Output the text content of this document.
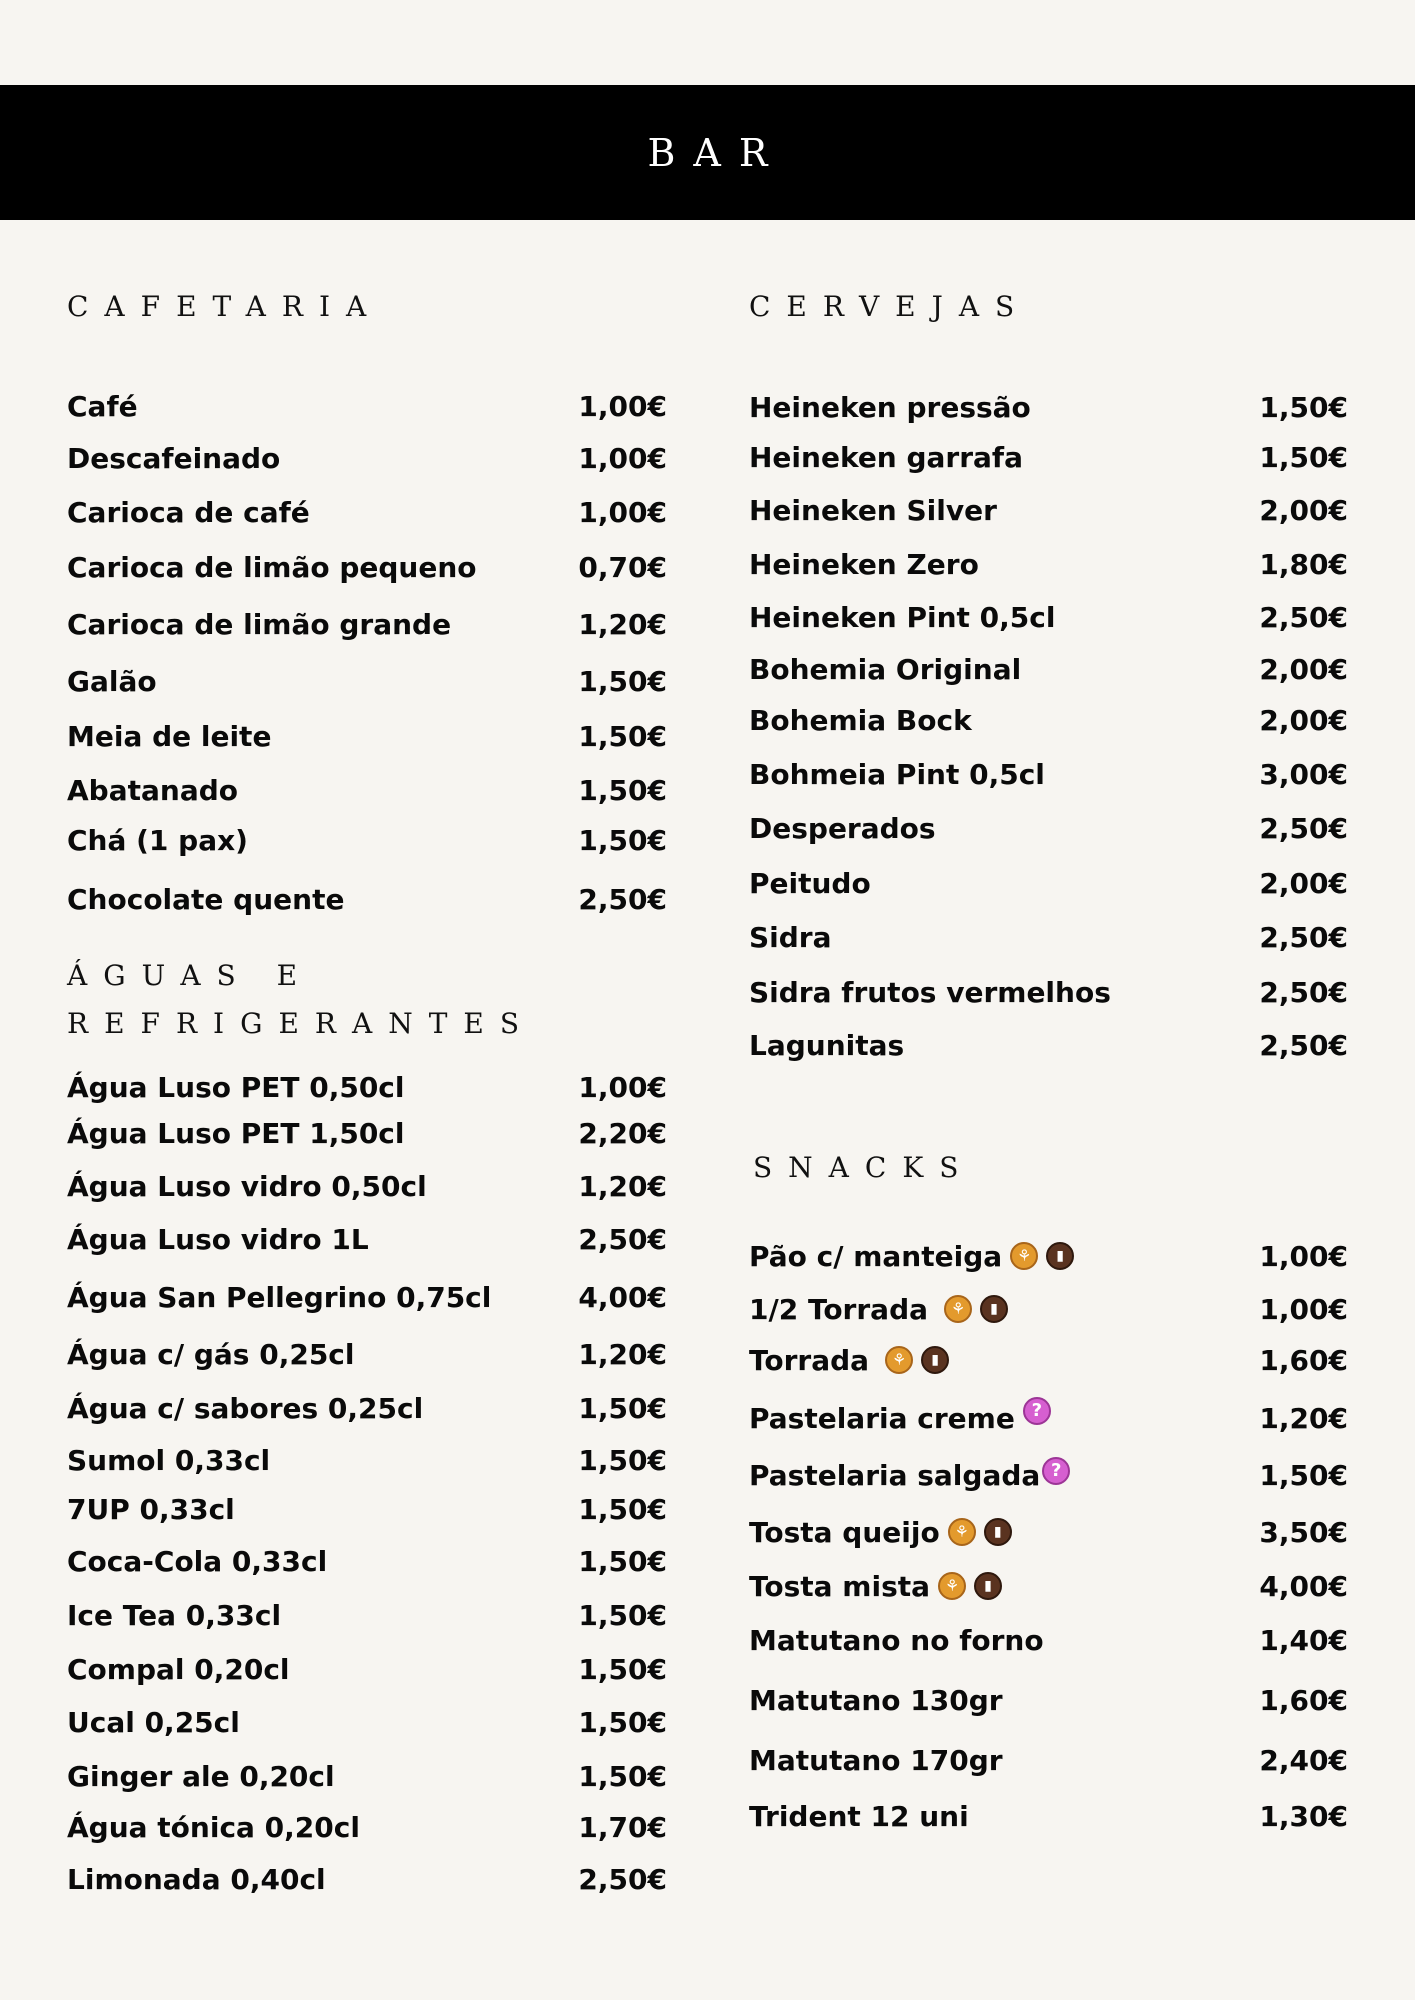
BAR
CAFETARIA
Café	1,00€
Descafeinado	1,00€
Carioca de café	1,00€
Carioca de limão pequeno	0,70€
Carioca de limão grande	1,20€
Galão	1,50€
Meia de leite	1,50€
Abatanado	1,50€
Chá (1 pax)	1,50€
Chocolate quente	2,50€
ÁGUAS E
REFRIGERANTES
Água Luso PET 0,50cl	1,00€
Água Luso PET 1,50cl	2,20€
Água Luso vidro 0,50cl	1,20€
Água Luso vidro 1L	2,50€
Água San Pellegrino 0,75cl	4,00€
Água c/ gás 0,25cl	1,20€
Água c/ sabores 0,25cl	1,50€
Sumol 0,33cl	1,50€
7UP 0,33cl	1,50€
Coca-Cola 0,33cl	1,50€
Ice Tea 0,33cl	1,50€
Compal 0,20cl	1,50€
Ucal 0,25cl	1,50€
Ginger ale 0,20cl	1,50€
Água tónica 0,20cl	1,70€
Limonada 0,40cl	2,50€
CERVEJAS
Heineken pressão	1,50€
Heineken garrafa	1,50€
Heineken Silver	2,00€
Heineken Zero	1,80€
Heineken Pint 0,5cl	2,50€
Bohemia Original	2,00€
Bohemia Bock	2,00€
Bohmeia Pint 0,5cl	3,00€
Desperados	2,50€
Peitudo	2,00€
Sidra	2,50€
Sidra frutos vermelhos	2,50€
Lagunitas	2,50€
SNACKS
Pão c/ manteiga ⚘	▮	1,00€
1/2 Torrada	⚘	▮	1,00€
Torrada	⚘	▮	1,60€
Pastelaria creme ?	1,20€
Pastelaria salgada ?	1,50€
Tosta queijo ⚘	▮	3,50€
Tosta mista ⚘	▮	4,00€
Matutano no forno	1,40€
Matutano 130gr	1,60€
Matutano 170gr	2,40€
Trident 12 uni	1,30€
